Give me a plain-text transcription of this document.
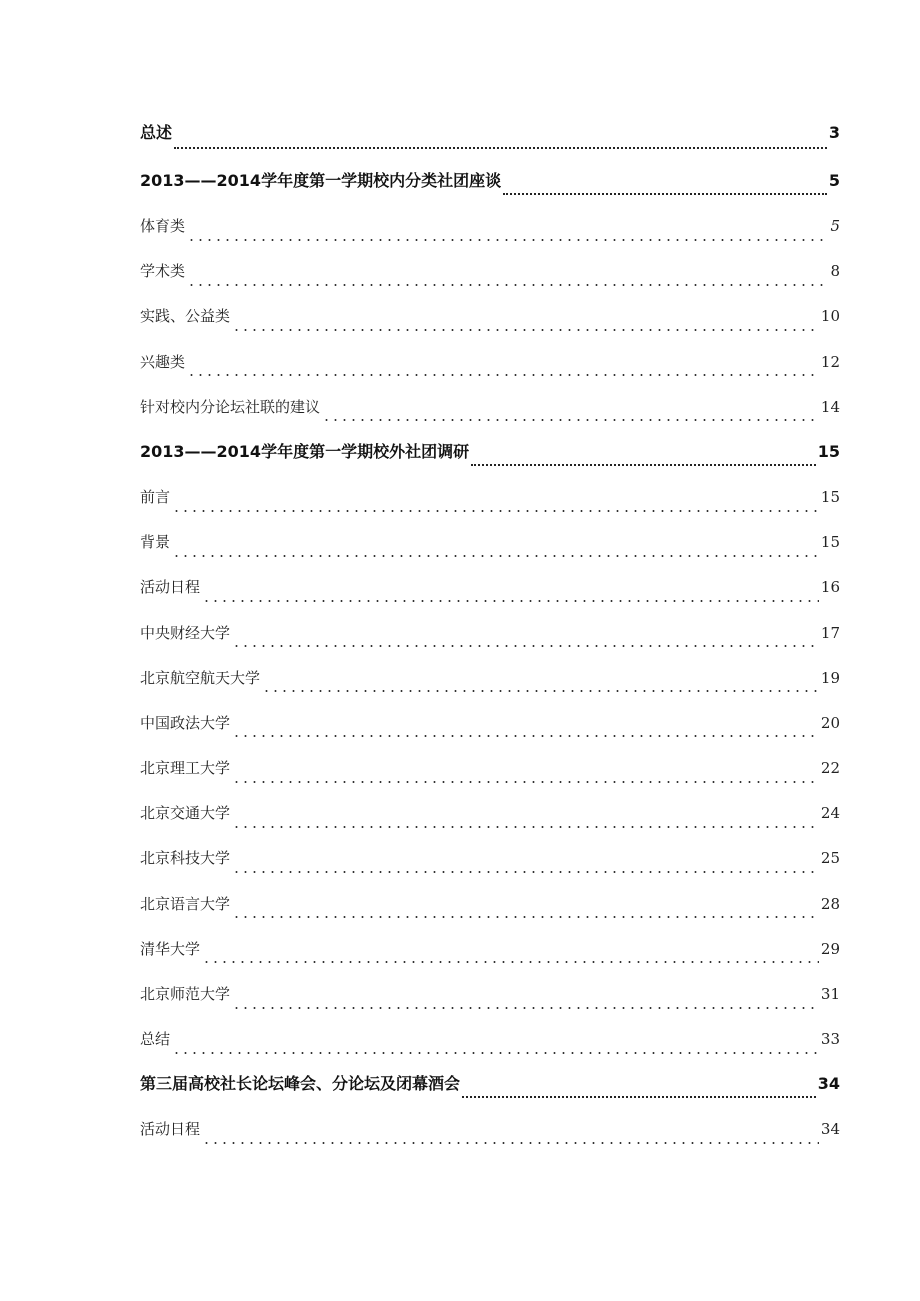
总述	3
2013——2014学年度第一学期校内分类社团座谈	5
体育类	5
学术类	8
实践、公益类	10
兴趣类	12
针对校内分论坛社联的建议	14
2013——2014学年度第一学期校外社团调研	15
前言	15
背景	15
活动日程	16
中央财经大学	17
北京航空航天大学	19
中国政法大学	20
北京理工大学	22
北京交通大学	24
北京科技大学	25
北京语言大学	28
清华大学	29
北京师范大学	31
总结	33
第三届高校社长论坛峰会、分论坛及闭幕酒会	34
活动日程	34
